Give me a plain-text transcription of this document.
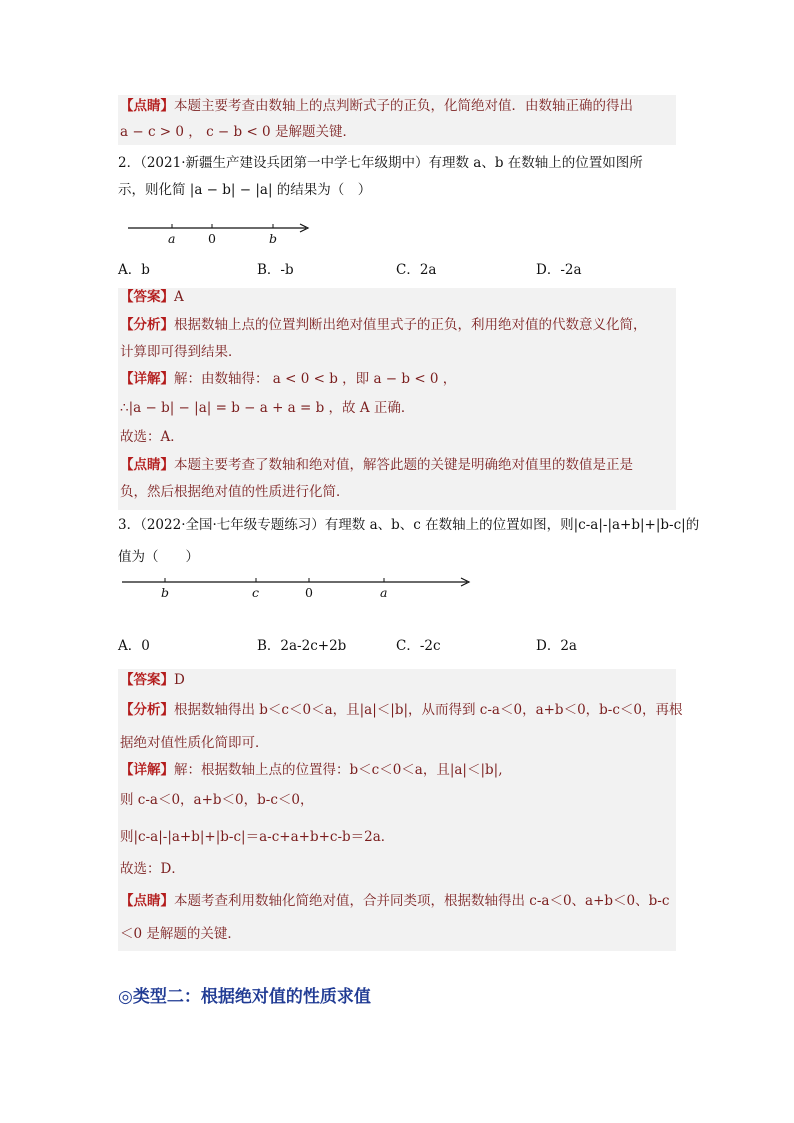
【点睛】本题主要考查由数轴上的点判断式子的正负，化简绝对值．由数轴正确的得出
a − c > 0 ， c − b < 0 是解题关键．
2．（2021·新疆生产建设兵团第一中学七年级期中）有理数 a、b 在数轴上的位置如图所
示，则化简 |a − b| − |a| 的结果为（　）
a	0	b
A．b	B．-b	C．2a	D．-2a
【答案】A
【分析】根据数轴上点的位置判断出绝对值里式子的正负，利用绝对值的代数意义化简，
计算即可得到结果．
【详解】解：由数轴得： a < 0 < b ，即 a − b < 0 ，
∴|a − b| − |a| = b − a + a = b ，故 A 正确．
故选：A．
【点睛】本题主要考查了数轴和绝对值，解答此题的关键是明确绝对值里的数值是正是
负，然后根据绝对值的性质进行化简．
3．（2022·全国·七年级专题练习）有理数 a、b、c 在数轴上的位置如图，则|c-a|-|a+b|+|b-c|的
值为（　　）
b	c	0	a
A．0	B．2a-2c+2b	C．-2c	D．2a
【答案】D
【分析】根据数轴得出 b＜c＜0＜a，且|a|＜|b|，从而得到 c-a＜0，a+b＜0，b-c＜0，再根
据绝对值性质化简即可．
【详解】解：根据数轴上点的位置得：b＜c＜0＜a，且|a|＜|b|,
则 c-a＜0，a+b＜0，b-c＜0，
则|c-a|-|a+b|+|b-c|＝a-c+a+b+c-b＝2a．
故选：D．
【点睛】本题考查利用数轴化简绝对值，合并同类项，根据数轴得出 c-a＜0、a+b＜0、b-c
＜0 是解题的关键．
◎类型二：根据绝对值的性质求值
